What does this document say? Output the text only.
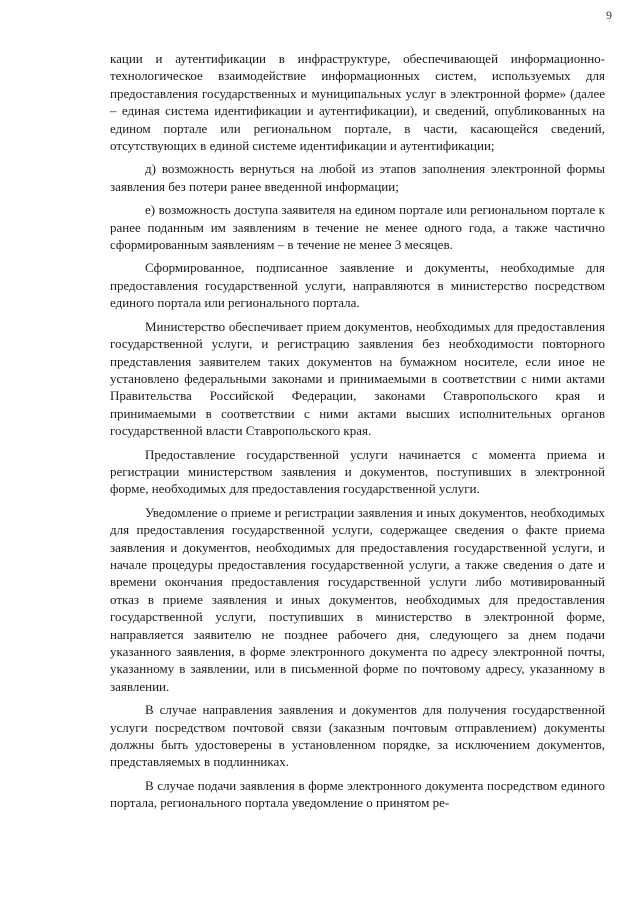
9

кации и аутентификации в инфраструктуре, обеспечивающей информационно-технологическое взаимодействие информационных систем, используемых для предоставления государственных и муниципальных услуг в электронной форме» (далее – единая система идентификации и аутентификации), и сведений, опубликованных на едином портале или региональном портале, в части, касающейся сведений, отсутствующих в единой системе идентификации и аутентификации;

д) возможность вернуться на любой из этапов заполнения электронной формы заявления без потери ранее введенной информации;

е) возможность доступа заявителя на едином портале или региональном портале к ранее поданным им заявлениям в течение не менее одного года, а также частично сформированным заявлениям – в течение не менее 3 месяцев.

Сформированное, подписанное заявление и документы, необходимые для предоставления государственной услуги, направляются в министерство посредством единого портала или регионального портала.

Министерство обеспечивает прием документов, необходимых для предоставления государственной услуги, и регистрацию заявления без необходимости повторного представления заявителем таких документов на бумажном носителе, если иное не установлено федеральными законами и принимаемыми в соответствии с ними актами Правительства Российской Федерации, законами Ставропольского края и принимаемыми в соответствии с ними актами высших исполнительных органов государственной власти Ставропольского края.

Предоставление государственной услуги начинается с момента приема и регистрации министерством заявления и документов, поступивших в электронной форме, необходимых для предоставления государственной услуги.

Уведомление о приеме и регистрации заявления и иных документов, необходимых для предоставления государственной услуги, содержащее сведения о факте приема заявления и документов, необходимых для предоставления государственной услуги, и начале процедуры предоставления государственной услуги, а также сведения о дате и времени окончания предоставления государственной услуги либо мотивированный отказ в приеме заявления и иных документов, необходимых для предоставления государственной услуги, поступивших в министерство в электронной форме, направляется заявителю не позднее рабочего дня, следующего за днем подачи указанного заявления, в форме электронного документа по адресу электронной почты, указанному в заявлении, или в письменной форме по почтовому адресу, указанному в заявлении.

В случае направления заявления и документов для получения государственной услуги посредством почтовой связи (заказным почтовым отправлением) документы должны быть удостоверены в установленном порядке, за исключением документов, представляемых в подлинниках.

В случае подачи заявления в форме электронного документа посредством единого портала, регионального портала уведомление о принятом ре-
